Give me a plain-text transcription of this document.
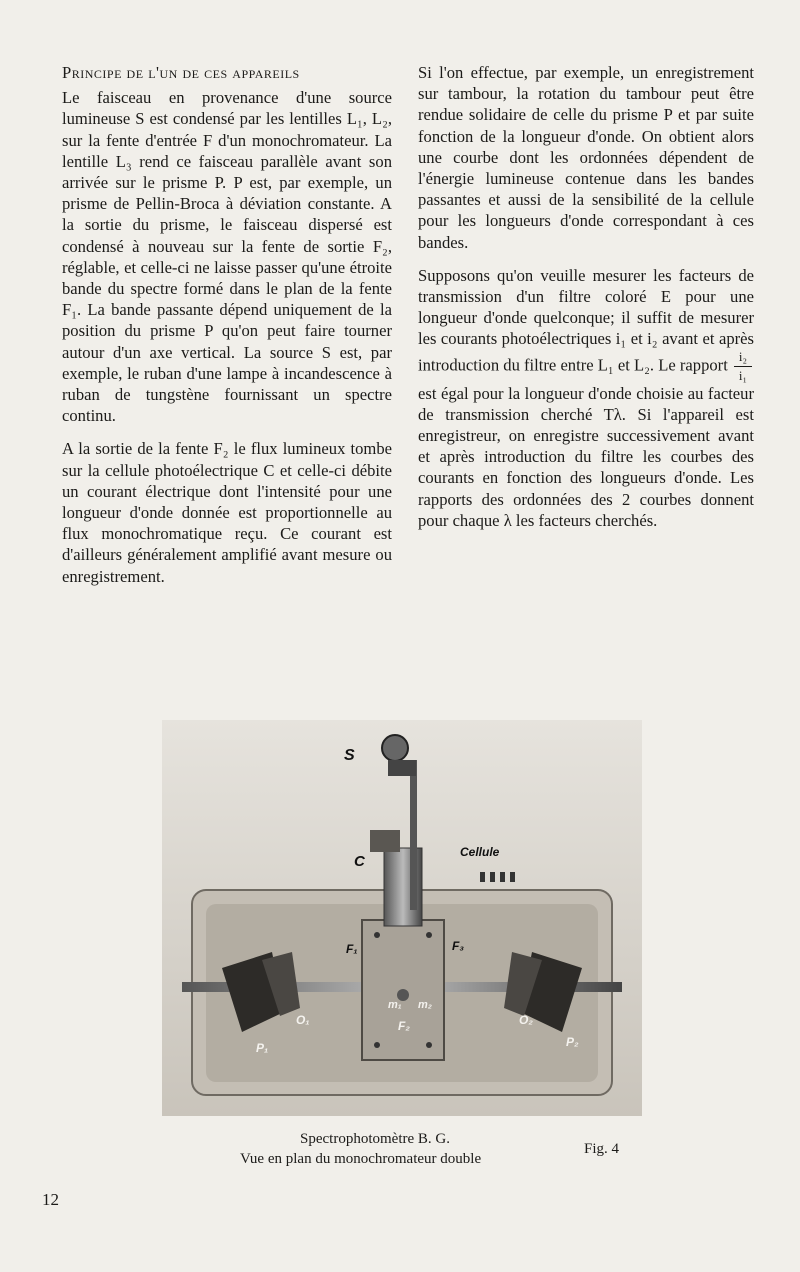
Principe de l'un de ces appareils

Le faisceau en provenance d'une source lumineuse S est condensé par les lentilles L₁, L₂, sur la fente d'entrée F d'un monochromateur. La lentille L₃ rend ce faisceau parallèle avant son arrivée sur le prisme P. P est, par exemple, un prisme de Pellin-Broca à déviation constante. A la sortie du prisme, le faisceau dispersé est condensé à nouveau sur la fente de sortie F₂, réglable, et celle-ci ne laisse passer qu'une étroite bande du spectre formé dans le plan de la fente F₁. La bande passante dépend uniquement de la position du prisme P qu'on peut faire tourner autour d'un axe vertical. La source S est, par exemple, le ruban d'une lampe à incandescence à ruban de tungstène fournissant un spectre continu.

A la sortie de la fente F₂ le flux lumineux tombe sur la cellule photoélectrique C et celle-ci débite un courant électrique dont l'intensité pour une longueur d'onde donnée est proportionnelle au flux monochromatique reçu. Ce courant est d'ailleurs généralement amplifié avant mesure ou enregistrement.

Si l'on effectue, par exemple, un enregistrement sur tambour, la rotation du tambour peut être rendue solidaire de celle du prisme P et par suite fonction de la longueur d'onde. On obtient alors une courbe dont les ordonnées dépendent de l'énergie lumineuse contenue dans les bandes passantes et aussi de la sensibilité de la cellule pour les longueurs d'onde correspondant à ces bandes.

Supposons qu'on veuille mesurer les facteurs de transmission d'un filtre coloré E pour une longueur d'onde quelconque; il suffit de mesurer les courants photoélectriques i₁ et i₂ avant et après introduction du filtre entre L₁ et L₂. Le rapport $\frac{\text{i₂}}{\text{i₁}}$
est égal pour la longueur d'onde choisie au facteur de transmission cherché Tλ. Si l'appareil est enregistreur, on enregistre successivement avant et après introduction du filtre les courbes des courants en fonction des longueurs d'onde. Les rapports des ordonnées des 2 courbes donnent pour chaque λ les facteurs cherchés.

S
C
Cellule
F₁	F₃
m₁ m₂
F₂
O₁	O₂
P₁	P₂
Spectrophotomètre B. G.
Vue en plan du monochromateur double
Fig. 4
12
